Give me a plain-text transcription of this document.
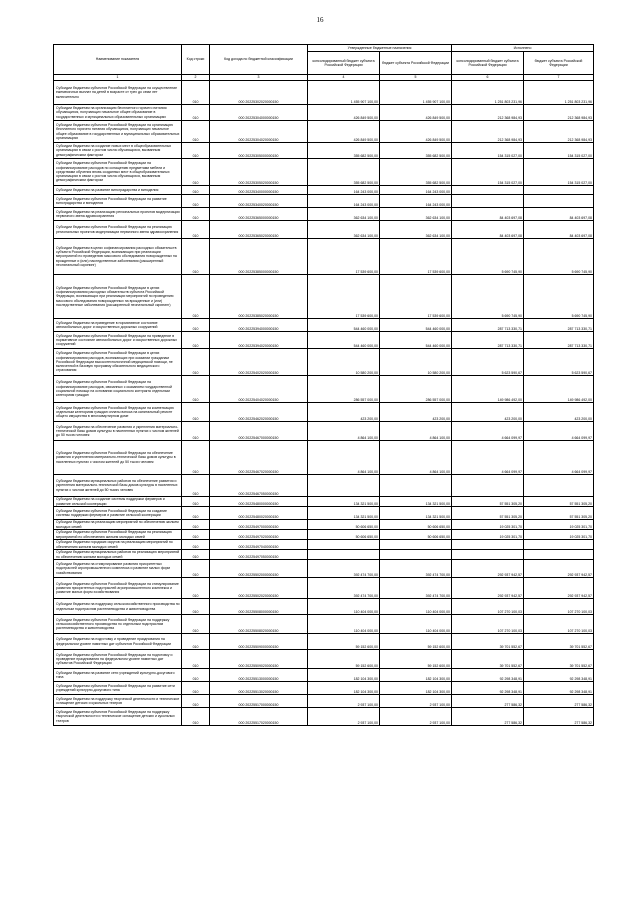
16
Наименование показателя	Код строки	Код дохода по бюджетной классификации	Утвержденные бюджетные назначения		Исполнено	
			консолидированный бюджет субъекта Российской Федерации	бюджет субъекта Российской Федерации	консолидированный бюджет субъекта Российской Федерации	бюджет субъекта Российской Федерации
1	2	3	4	5	6	7
Субсидии бюджетам субъектов Российской Федерации на осуществление ежемесячных выплат на детей в возрасте от трех до семи лет включительно	010	000 20225302020000150	1 455 907 100,00	1 455 907 100,00	1 251 803 231,96	1 251 803 231,96
Субсидии бюджетам на организацию бесплатного горячего питания обучающихся, получающих начальное общее образование в государственных и муниципальных образовательных организациях	010	000 20225304000000150	426 849 500,00	426 849 500,00	212 368 984,93	212 368 984,93
Субсидии бюджетам субъектов Российской Федерации на организацию бесплатного горячего питания обучающихся, получающих начальное общее образование в государственных и муниципальных образовательных организациях	010	000 20225304020000150	426 849 500,00	426 849 500,00	212 368 984,93	212 368 984,93
Субсидии бюджетам на создание новых мест в общеобразовательных организациях в связи с ростом числа обучающихся, вызванным демографическим фактором	010	000 20225305000000150	355 682 500,00	355 682 500,00	154 315 027,00	154 315 027,00
Субсидии бюджетам субъектов Российской Федерации на софинансирование расходов по оснащению предметами мебели и средствами обучения вновь созданных мест в общеобразовательных организациях в связи с ростом числа обучающихся, вызванным демографическим фактором	010	000 20225305020000150	355 682 500,00	355 682 500,00	154 315 027,00	154 315 027,00
Субсидии бюджетам на развитие виноградарства и виноделия	010	000 20225340000000150	164 243 000,00	164 243 000,00		
Субсидии бюджетам субъектов Российской Федерации на развитие виноградарства и виноделия	010	000 20225340020000150	164 243 000,00	164 243 000,00		
Субсидии бюджетам на реализацию региональных проектов модернизации первичного звена здравоохранения	010	000 20225365000000150	362 634 100,00	362 634 100,00	84 403 697,08	84 403 697,08
Субсидии бюджетам субъектов Российской Федерации на реализацию региональных проектов модернизации первичного звена здравоохранения	010	000 20225365020000150	362 634 100,00	362 634 100,00	84 403 697,08	84 403 697,08
Субсидии бюджетам в целях софинансирования расходных обязательств субъекта Российской Федерации, возникающих при реализации мероприятий по проведению массового обследования новорожденных на врожденные и (или) наследственные заболевания (расширенный неонатальный скрининг)	010	000 20225385000000150	17 539 600,00	17 539 600,00	5 690 745,90	5 690 745,90
Субсидии бюджетам субъектов Российской Федерации в целях софинансирования расходных обязательств субъекта Российской Федерации, возникающих при реализации мероприятий по проведению массового обследования новорожденных на врожденные и (или) наследственные заболевания (расширенный неонатальный скрининг)	010	000 20225385020000150	17 539 600,00	17 539 600,00	5 690 745,90	5 690 745,90
Субсидии бюджетам на приведение в нормативное состояние автомобильных дорог и искусственных дорожных сооружений	010	000 20225394000000150	544 460 000,00	544 460 000,00	287 713 330,71	287 713 330,71
Субсидии бюджетам субъектов Российской Федерации на приведение в нормативное состояние автомобильных дорог и искусственных дорожных сооружений	010	000 20225394020000150	544 460 000,00	544 460 000,00	287 713 330,71	287 713 330,71
Субсидии бюджетам субъектов Российской Федерации в целях софинансирования расходов, возникающих при оказании гражданам Российской Федерации высокотехнологичной медицинской помощи, не включенной в базовую программу обязательного медицинского страхования	010	000 20225402020000150	10 580 200,00	10 580 200,00	5 623 590,67	5 623 590,67
Субсидии бюджетам субъектов Российской Федерации на софинансирование расходов, связанных с оказанием государственной социальной помощи на основании социального контракта отдельным категориям граждан	010	000 20225404020000150	286 557 000,00	286 557 000,00	149 986 492,00	149 986 492,00
Субсидии бюджетам субъектов Российской Федерации на компенсацию отдельным категориям граждан оплаты взноса на капитальный ремонт общего имущества в многоквартирном доме	010	000 20225462020000150	423 200,00	423 200,00	423 200,00	423 200,00
Субсидии бюджетам на обеспечение развития и укрепления материально-технической базы домов культуры в населенных пунктах с числом жителей до 50 тысяч человек	010	000 20225467000000150	4 864 100,00	4 864 100,00	4 664 099,97	4 664 099,97
Субсидии бюджетам субъектов Российской Федерации на обеспечение развития и укрепления материально-технической базы домов культуры в населенных пунктах с числом жителей до 50 тысяч человек	010	000 20225467020000150	4 864 100,00	4 864 100,00	4 664 099,97	4 664 099,97
Субсидии бюджетам муниципальных районов на обеспечение развития и укрепления материально-технической базы домов культуры в населенных пунктах с числом жителей до 50 тысяч человек	010	000 20225467050000150				
Субсидии бюджетам на создание системы поддержки фермеров и развитие сельской кооперации	010	000 20225480000000150	134 321 500,00	134 321 500,00	57 551 305,20	57 551 305,20
Субсидии бюджетам субъектов Российской Федерации на создание системы поддержки фермеров и развитие сельской кооперации	010	000 20225480020000150	134 321 500,00	134 321 500,00	57 551 305,20	57 551 305,20
Субсидии бюджетам на реализацию мероприятий по обеспечению жильем молодых семей	010	000 20225497000000150	50 606 650,00	50 606 650,00	19 025 301,70	19 025 301,70
Субсидии бюджетам субъектов Российской Федерации на реализацию мероприятий по обеспечению жильем молодых семей	010	000 20225497020000150	50 606 650,00	50 606 650,00	19 025 301,70	19 025 301,70
Субсидии бюджетам городских округов на реализацию мероприятий по обеспечению жильем молодых семей	010	000 20225497040000150				
Субсидии бюджетам муниципальных районов на реализацию мероприятий по обеспечению жильем молодых семей	010	000 20225497050000150				
Субсидии бюджетам на стимулирование развития приоритетных подотраслей агропромышленного комплекса и развитие малых форм хозяйствования	010	000 20225502000000150	392 474 700,00	392 474 700,00	292 937 942,57	292 937 942,57
Субсидии бюджетам субъектов Российской Федерации на стимулирование развития приоритетных подотраслей агропромышленного комплекса и развитие малых форм хозяйствования	010	000 20225502020000150	392 474 700,00	392 474 700,00	292 937 942,57	292 937 942,57
Субсидии бюджетам на поддержку сельскохозяйственного производства по отдельным подотраслям растениеводства и животноводства	010	000 20225508000000150	110 404 000,00	110 404 000,00	107 270 100,03	107 270 100,03
Субсидии бюджетам субъектов Российской Федерации на поддержку сельскохозяйственного производства по отдельным подотраслям растениеводства и животноводства	010	000 20225508020000150	110 404 000,00	110 404 000,00	107 270 100,03	107 270 100,03
Субсидии бюджетам на подготовку и проведение празднования на федеральном уровне памятных дат субъектов Российской Федерации	010	000 20225509000000150	59 152 600,00	59 152 600,00	39 701 552,67	39 701 552,67
Субсидии бюджетам субъектов Российской Федерации на подготовку и проведение празднования на федеральном уровне памятных дат субъектов Российской Федерации	010	000 20225509020000150	59 152 600,00	59 152 600,00	39 701 552,67	39 701 552,67
Субсидии бюджетам на развитие сети учреждений культурно-досугового типа	010	000 20225513000000150	182 104 300,00	182 104 300,00	92 298 348,91	92 298 348,91
Субсидии бюджетам субъектов Российской Федерации на развитие сети учреждений культурно-досугового типа	010	000 20225513020000150	182 104 300,00	182 104 300,00	92 298 348,91	92 298 348,91
Субсидии бюджетам на поддержку творческой деятельности и техническое оснащение детских и кукольных театров	010	000 20225517000000150	2 937 100,00	2 937 100,00	277 586,32	277 586,32
Субсидии бюджетам субъектов Российской Федерации на поддержку творческой деятельности и техническое оснащение детских и кукольных театров	010	000 20225517020000150	2 937 100,00	2 937 100,00	277 586,32	277 586,32
